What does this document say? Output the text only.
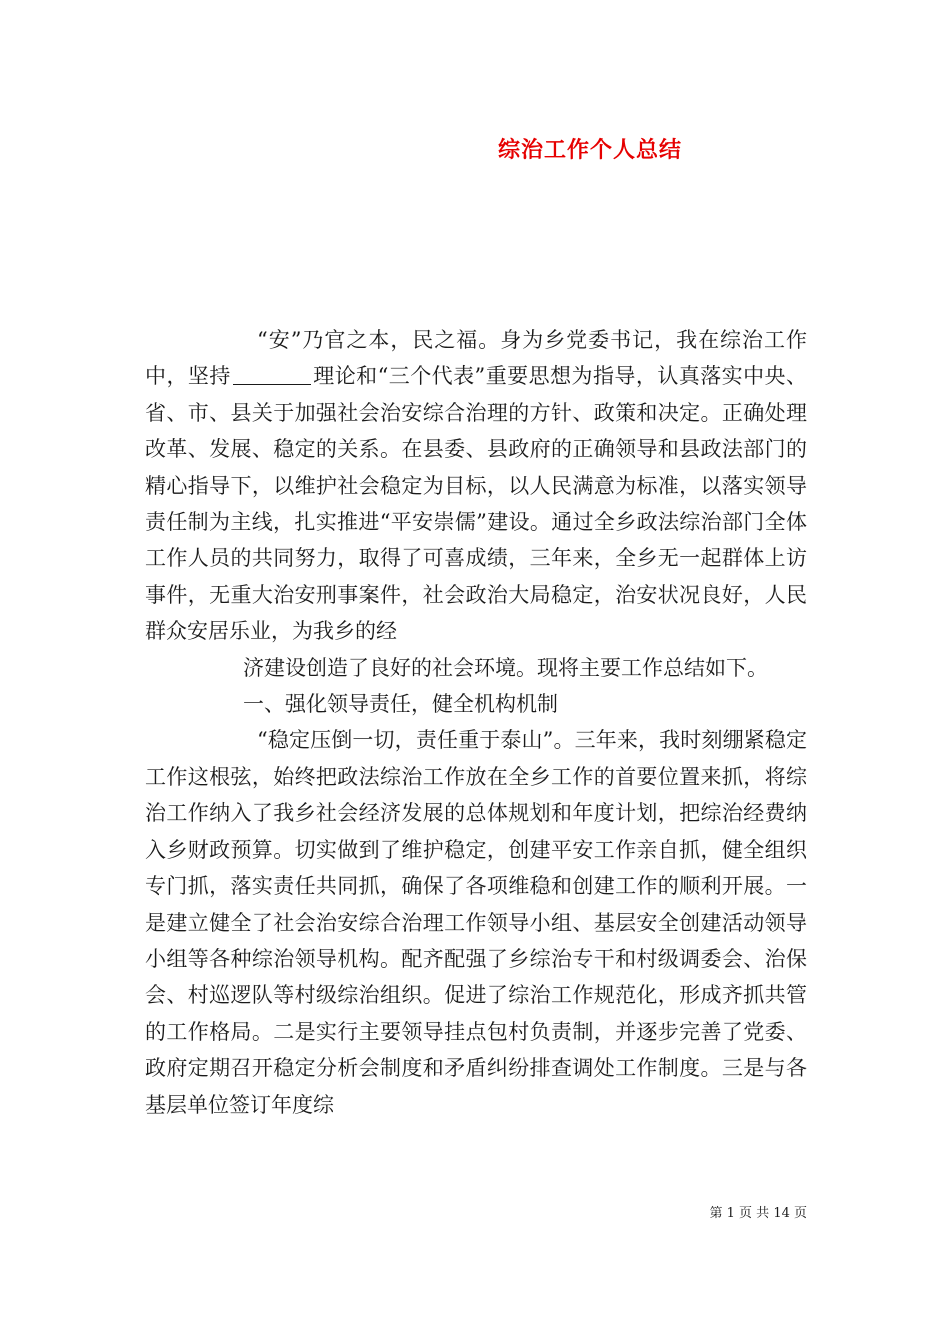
综治工作个人总结

“安”乃官之本，民之福。身为乡党委书记，我在综治工作中，坚持	理论和“三个代表”重要思想为指导，认真落实中央、省、市、县关于加强社会治安综合治理的方针、政策和决定。正确处理改革、发展、稳定的关系。在县委、县政府的正确领导和县政法部门的精心指导下，以维护社会稳定为目标，以人民满意为标准，以落实领导责任制为主线，扎实推进“平安崇儒”建设。通过全乡政法综治部门全体工作人员的共同努力，取得了可喜成绩，三年来，全乡无一起群体上访事件，无重大治安刑事案件，社会政治大局稳定，治安状况良好，人民群众安居乐业，为我乡的经

济建设创造了良好的社会环境。现将主要工作总结如下。

一、强化领导责任，健全机构机制

“稳定压倒一切，责任重于泰山”。三年来，我时刻绷紧稳定工作这根弦，始终把政法综治工作放在全乡工作的首要位置来抓，将综治工作纳入了我乡社会经济发展的总体规划和年度计划，把综治经费纳入乡财政预算。切实做到了维护稳定，创建平安工作亲自抓，健全组织专门抓，落实责任共同抓，确保了各项维稳和创建工作的顺利开展。一是建立健全了社会治安综合治理工作领导小组、基层安全创建活动领导小组等各种综治领导机构。配齐配强了乡综治专干和村级调委会、治保会、村巡逻队等村级综治组织。促进了综治工作规范化，形成齐抓共管的工作格局。二是实行主要领导挂点包村负责制，并逐步完善了党委、政府定期召开稳定分析会制度和矛盾纠纷排查调处工作制度。三是与各基层单位签订年度综

第 1 页 共 14 页
